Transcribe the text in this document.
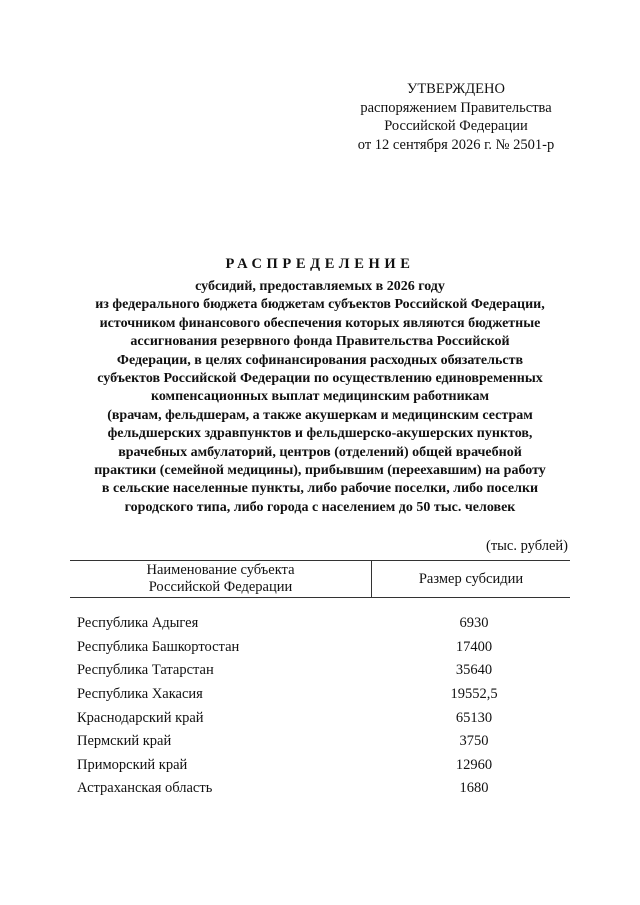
УТВЕРЖДЕНО
распоряжением Правительства
Российской Федерации
от 12 сентября 2026 г. № 2501-р
РАСПРЕДЕЛЕНИЕ
субсидий, предоставляемых в 2026 году
из федерального бюджета бюджетам субъектов Российской Федерации,
источником финансового обеспечения которых являются бюджетные
ассигнования резервного фонда Правительства Российской
Федерации, в целях софинансирования расходных обязательств
субъектов Российской Федерации по осуществлению единовременных
компенсационных выплат медицинским работникам
(врачам, фельдшерам, а также акушеркам и медицинским сестрам
фельдшерских здравпунктов и фельдшерско-акушерских пунктов,
врачебных амбулаторий, центров (отделений) общей врачебной
практики (семейной медицины), прибывшим (переехавшим) на работу
в сельские населенные пункты, либо рабочие поселки, либо поселки
городского типа, либо города с населением до 50 тыс. человек
(тыс. рублей)
Наименование субъекта
Российской Федерации
Размер субсидии
Республика Адыгея	6930
Республика Башкортостан	17400
Республика Татарстан	35640
Республика Хакасия	19552,5
Краснодарский край	65130
Пермский край	3750
Приморский край	12960
Астраханская область	1680
